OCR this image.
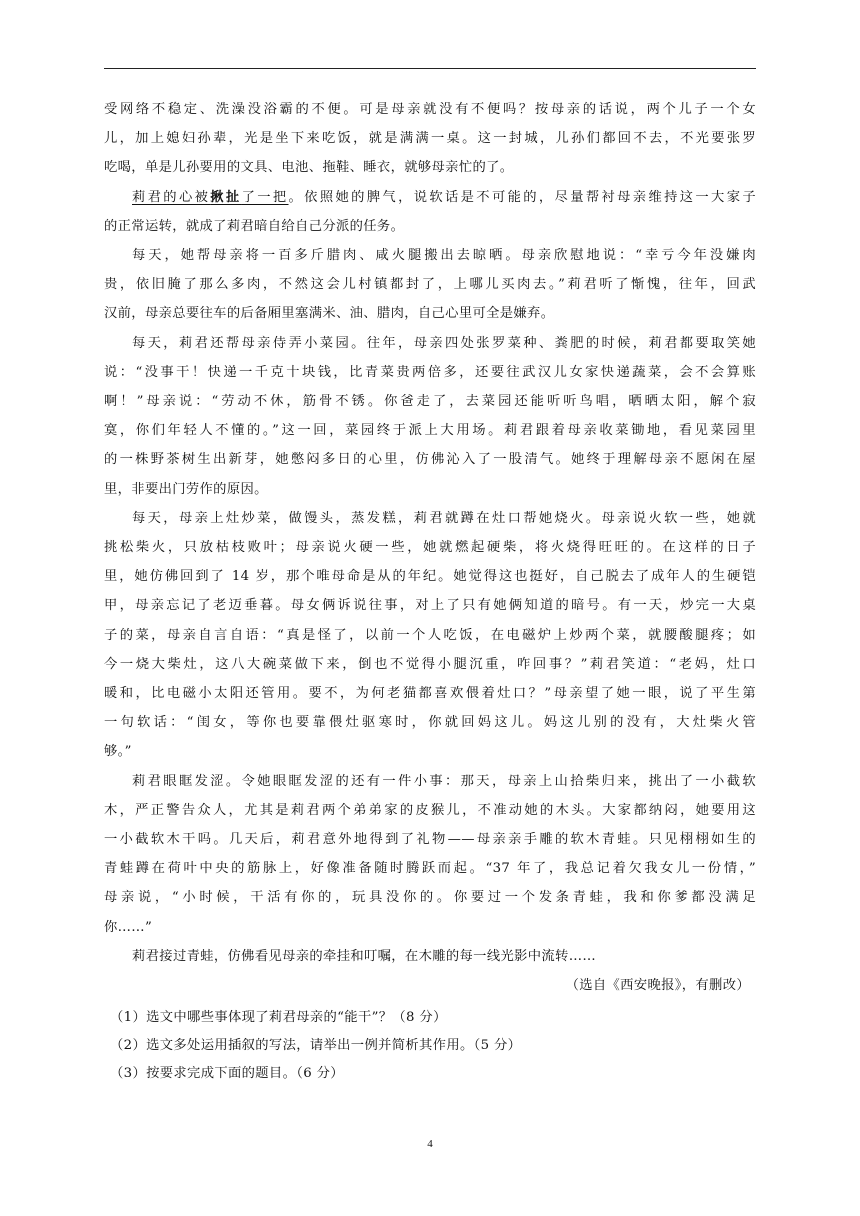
受网络不稳定、洗澡没浴霸的不便。可是母亲就没有不便吗？按母亲的话说，两个儿子一个女
儿，加上媳妇孙辈，光是坐下来吃饭，就是满满一桌。这一封城，儿孙们都回不去，不光要张罗
吃喝，单是儿孙要用的文具、电池、拖鞋、睡衣，就够母亲忙的了。
莉君的心被揪扯了一把。依照她的脾气，说软话是不可能的，尽量帮衬母亲维持这一大家子
的正常运转，就成了莉君暗自给自己分派的任务。
每天，她帮母亲将一百多斤腊肉、咸火腿搬出去晾晒。母亲欣慰地说：“幸亏今年没嫌肉
贵，依旧腌了那么多肉，不然这会儿村镇都封了，上哪儿买肉去。”莉君听了惭愧，往年，回武
汉前，母亲总要往车的后备厢里塞满米、油、腊肉，自己心里可全是嫌弃。
每天，莉君还帮母亲侍弄小菜园。往年，母亲四处张罗菜种、粪肥的时候，莉君都要取笑她
说：“没事干！快递一千克十块钱，比青菜贵两倍多，还要往武汉儿女家快递蔬菜，会不会算账
啊！”母亲说：“劳动不休，筋骨不锈。你爸走了，去菜园还能听听鸟唱，晒晒太阳，解个寂
寞，你们年轻人不懂的。”这一回，菜园终于派上大用场。莉君跟着母亲收菜锄地，看见菜园里
的一株野茶树生出新芽，她憋闷多日的心里，仿佛沁入了一股清气。她终于理解母亲不愿闲在屋
里，非要出门劳作的原因。
每天，母亲上灶炒菜，做馒头，蒸发糕，莉君就蹲在灶口帮她烧火。母亲说火软一些，她就
挑松柴火，只放枯枝败叶；母亲说火硬一些，她就燃起硬柴，将火烧得旺旺的。在这样的日子
里，她仿佛回到了 14 岁，那个唯母命是从的年纪。她觉得这也挺好，自己脱去了成年人的生硬铠
甲，母亲忘记了老迈垂暮。母女俩诉说往事，对上了只有她俩知道的暗号。有一天，炒完一大桌
子的菜，母亲自言自语：“真是怪了，以前一个人吃饭，在电磁炉上炒两个菜，就腰酸腿疼；如
今一烧大柴灶，这八大碗菜做下来，倒也不觉得小腿沉重，咋回事？”莉君笑道：“老妈，灶口
暖和，比电磁小太阳还管用。要不，为何老猫都喜欢偎着灶口？”母亲望了她一眼，说了平生第
一句软话：“闺女，等你也要靠偎灶驱寒时，你就回妈这儿。妈这儿别的没有，大灶柴火管
够。”
莉君眼眶发涩。令她眼眶发涩的还有一件小事：那天，母亲上山拾柴归来，挑出了一小截软
木，严正警告众人，尤其是莉君两个弟弟家的皮猴儿，不准动她的木头。大家都纳闷，她要用这
一小截软木干吗。几天后，莉君意外地得到了礼物——母亲亲手雕的软木青蛙。只见栩栩如生的
青蛙蹲在荷叶中央的筋脉上，好像准备随时腾跃而起。“37 年了，我总记着欠我女儿一份情，”
母亲说，“小时候，干活有你的，玩具没你的。你要过一个发条青蛙，我和你爹都没满足
你……”
莉君接过青蛙，仿佛看见母亲的牵挂和叮嘱，在木雕的每一线光影中流转……
（选自《西安晚报》，有删改）
（1）选文中哪些事体现了莉君母亲的“能干”？（8 分）
（2）选文多处运用插叙的写法，请举出一例并简析其作用。（5 分）
（3）按要求完成下面的题目。（6 分）
4
